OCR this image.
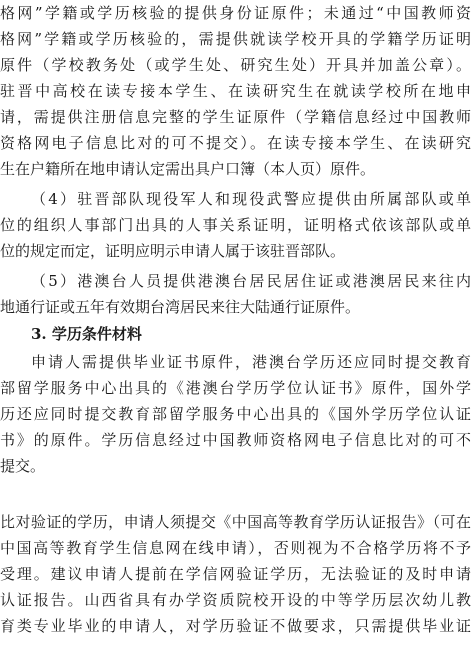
格网”学籍或学历核验的提供身份证原件；未通过“中国教师资
格网”学籍或学历核验的，需提供就读学校开具的学籍学历证明
原件（学校教务处（或学生处、研究生处）开具并加盖公章）。
驻晋中高校在读专接本学生、在读研究生在就读学校所在地申
请，需提供注册信息完整的学生证原件（学籍信息经过中国教师
资格网电子信息比对的可不提交）。在读专接本学生、在读研究
生在户籍所在地申请认定需出具户口簿（本人页）原件。
（4）驻晋部队现役军人和现役武警应提供由所属部队或单
位的组织人事部门出具的人事关系证明，证明格式依该部队或单
位的规定而定，证明应明示申请人属于该驻晋部队。
（5）港澳台人员提供港澳台居民居住证或港澳居民来往内
地通行证或五年有效期台湾居民来往大陆通行证原件。
3. 学历条件材料
申请人需提供毕业证书原件，港澳台学历还应同时提交教育
部留学服务中心出具的《港澳台学历学位认证书》原件，国外学
历还应同时提交教育部留学服务中心出具的《国外学历学位认证
书》的原件。学历信息经过中国教师资格网电子信息比对的可不
提交。

比对验证的学历，申请人须提交《中国高等教育学历认证报告》（可在
中国高等教育学生信息网在线申请），否则视为不合格学历将不予
受理。建议申请人提前在学信网验证学历，无法验证的及时申请
认证报告。山西省具有办学资质院校开设的中等学历层次幼儿教
育类专业毕业的申请人，对学历验证不做要求，只需提供毕业证
